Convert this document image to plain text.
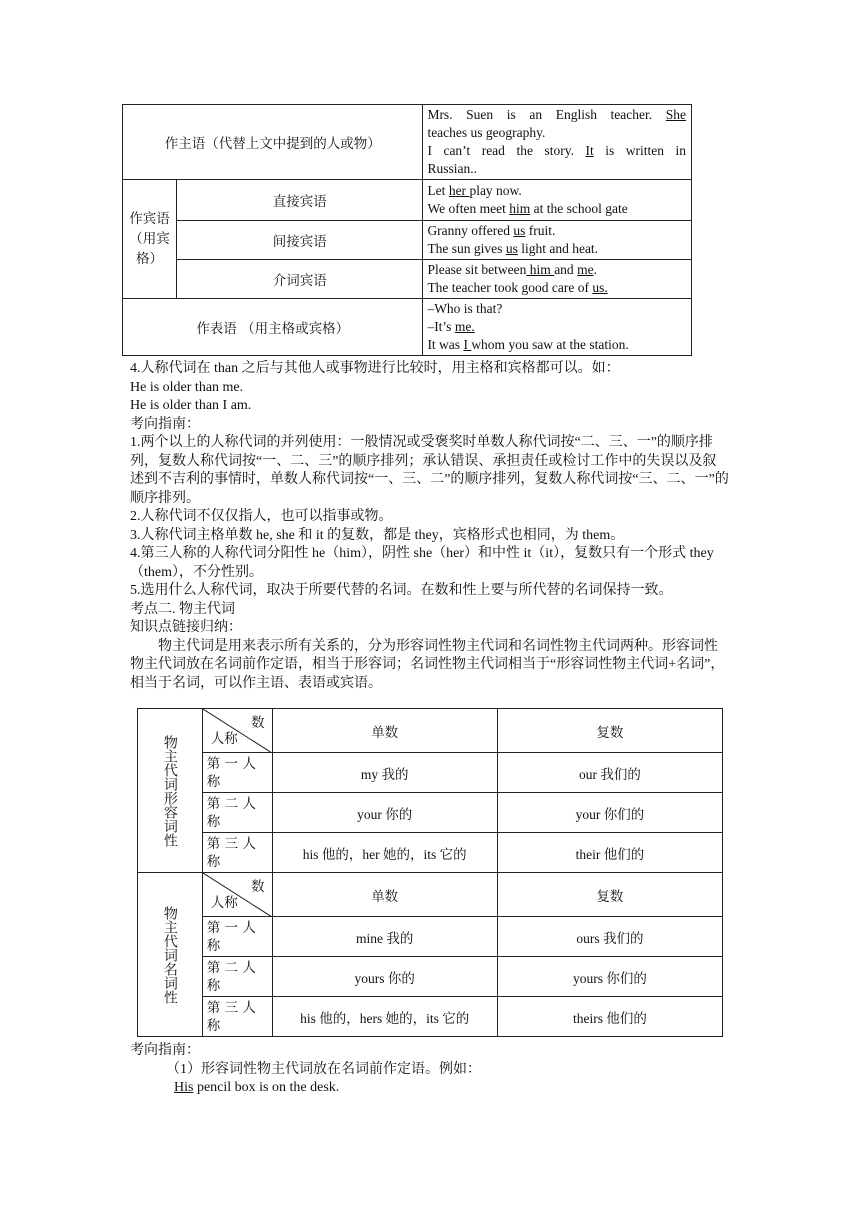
作主语（代替上文中提到的人或物）		Mrs. Suen is an English teacher. She
teaches us geography.
I can’t read the story. It is written in
Russian..

作宾语（用宾格）	直接宾语	Let her play now.
We often meet him at the school gate

	间接宾语	Granny offered us fruit.
The sun gives us light and heat.

	介词宾语	Please sit between him and me.
The teacher took good care of us.

作表语 （用主格或宾格）		–Who is that?
–It’s me.
It was I whom you saw at the station.

4.人称代词在 than 之后与其他人或事物进行比较时，用主格和宾格都可以。如：

He is older than me.

He is older than I am.

考向指南：

1.两个以上的人称代词的并列使用：一般情况或受褒奖时单数人称代词按“二、三、一”的顺序排列，复数人称代词按“一、二、三”的顺序排列；承认错误、承担责任或检讨工作中的失误以及叙述到不吉利的事情时，单数人称代词按“一、三、二”的顺序排列，复数人称代词按“三、二、一”的顺序排列。

2.人称代词不仅仅指人，也可以指事或物。

3.人称代词主格单数 he, she 和 it 的复数，都是 they，宾格形式也相同，为 them。

4.第三人称的人称代词分阳性 he（him），阴性 she（her）和中性 it（it），复数只有一个形式 they（them），不分性别。

5.选用什么人称代词，取决于所要代替的名词。在数和性上要与所代替的名词保持一致。

考点二. 物主代词

知识点链接归纳：

物主代词是用来表示所有关系的，分为形容词性物主代词和名词性物主代词两种。形容词性物主代词放在名词前作定语，相当于形容词；名词性物主代词相当于“形容词性物主代词+名词”，相当于名词，可以作主语、表语或宾语。

物主代词形容词性	数
人称	单数	复数
	第 一 人称	my 我的	our 我们的
	第 二 人称	your 你的	your 你们的
	第 三 人称	his 他的，her 她的，its 它的	their 他们的
物主代词名词性	数
人称	单数	复数
	第 一 人称	mine 我的	ours 我们的
	第 二 人称	yours 你的	yours 你们的
	第 三 人称	his 他的，hers 她的，its 它的	theirs 他们的

考向指南：

（1）形容词性物主代词放在名词前作定语。例如：

His pencil box is on the desk.
